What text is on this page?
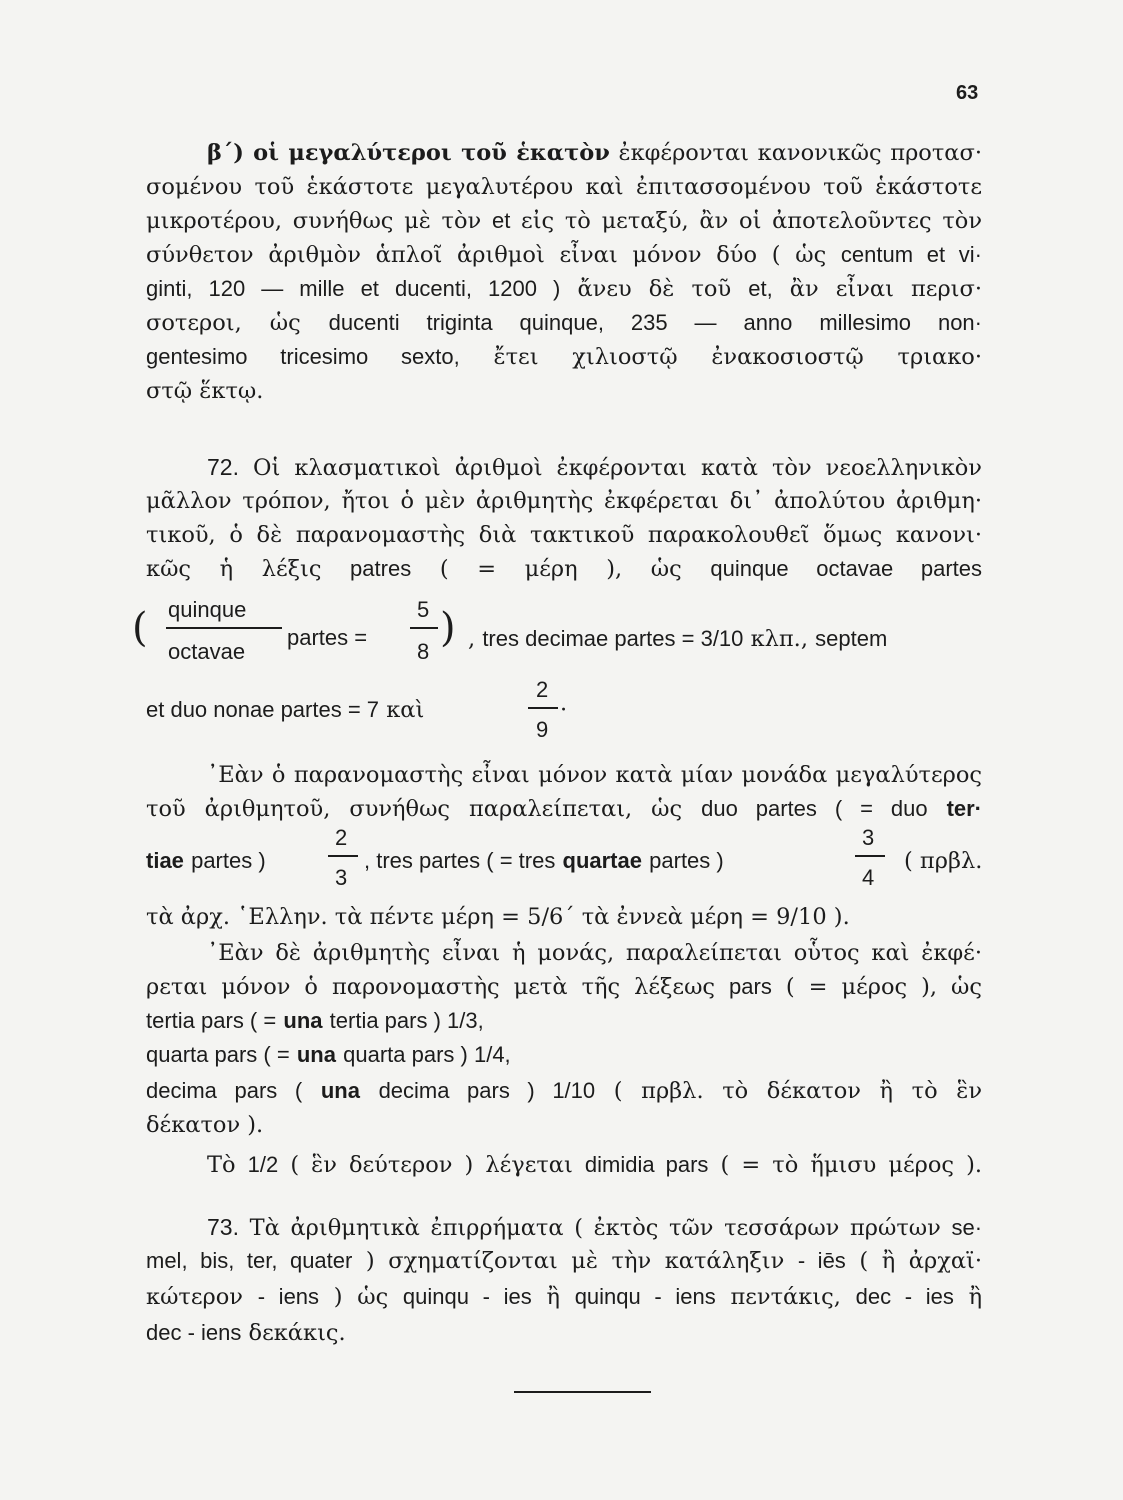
63
β΄) οἱ μεγαλύτεροι τοῦ ἑκατὸν ἐκφέρονται κανονικῶς προτασ·
σομένου τοῦ ἑκάστοτε μεγαλυτέρου καὶ ἐπιτασσομένου τοῦ ἑκάστοτε
μικροτέρου, συνήθως μὲ τὸν et εἰς τὸ μεταξύ, ἂν οἱ ἀποτελοῦντες τὸν
σύνθετον ἀριθμὸν ἁπλοῖ ἀριθμοὶ εἶναι μόνον δύο ( ὡς centum et vi·
ginti, 120 — mille et ducenti, 1200 ) ἄνευ δὲ τοῦ et, ἂν εἶναι περισ·
σοτεροι, ὡς ducenti triginta quinque, 235 — anno millesimo non·
gentesimo tricesimo sexto, ἔτει χιλιοστῷ ἐνακοσιοστῷ τριακο·
στῷ ἕκτῳ.
72. Οἱ κλασματικοὶ ἀριθμοὶ ἐκφέρονται κατὰ τὸν νεοελληνικὸν
μᾶλλον τρόπον, ἤτοι ὁ μὲν ἀριθμητὴς ἐκφέρεται δι᾿ ἀπολύτου ἀριθμη·
τικοῦ, ὁ δὲ παρανομαστὴς διὰ τακτικοῦ παρακολουθεῖ ὅμως κανονι·
κῶς ἡ λέξις patres ( = μέρη ), ὡς quinque octavae partes
( quinque
octavae
partes =
5
8
) , tres decimae partes = 3/10 κλπ., septem
2
9
et duo nonae partes = 7 καὶ	·
᾿Εὰν ὁ παρανομαστὴς εἶναι μόνον κατὰ μίαν μονάδα μεγαλύτερος
τοῦ ἀριθμητοῦ, συνήθως παραλείπεται, ὡς duo partes ( = duo ter·
2
3
3
4
tiae partes )	, tres partes ( = tres quartae partes )	( πρβλ.
τὰ ἀρχ. ῾Ελλην. τὰ πέντε μέρη = 5/6΄ τὰ ἐννεὰ μέρη = 9/10 ).
᾿Εὰν δὲ ἀριθμητὴς εἶναι ἡ μονάς, παραλείπεται οὗτος καὶ ἐκφέ·
ρεται μόνον ὁ παρονομαστὴς μετὰ τῆς λέξεως pars ( = μέρος ), ὡς
tertia pars ( = una tertia pars ) 1/3,
quarta pars ( = una quarta pars ) 1/4,
decima pars ( una decima pars ) 1/10 ( πρβλ. τὸ δέκατον ἢ τὸ ἓν
δέκατον ).
Τὸ 1/2 ( ἓν δεύτερον ) λέγεται dimidia pars ( = τὸ ἥμισυ μέρος ).
73. Τὰ ἀριθμητικὰ ἐπιρρήματα ( ἐκτὸς τῶν τεσσάρων πρώτων se·
mel, bis, ter, quater ) σχηματίζονται μὲ τὴν κατάληξιν - iēs ( ἢ ἀρχαϊ·
κώτερον - iens ) ὡς quinqu - ies ἢ quinqu - iens πεντάκις, dec - ies ἢ
dec - iens δεκάκις.
